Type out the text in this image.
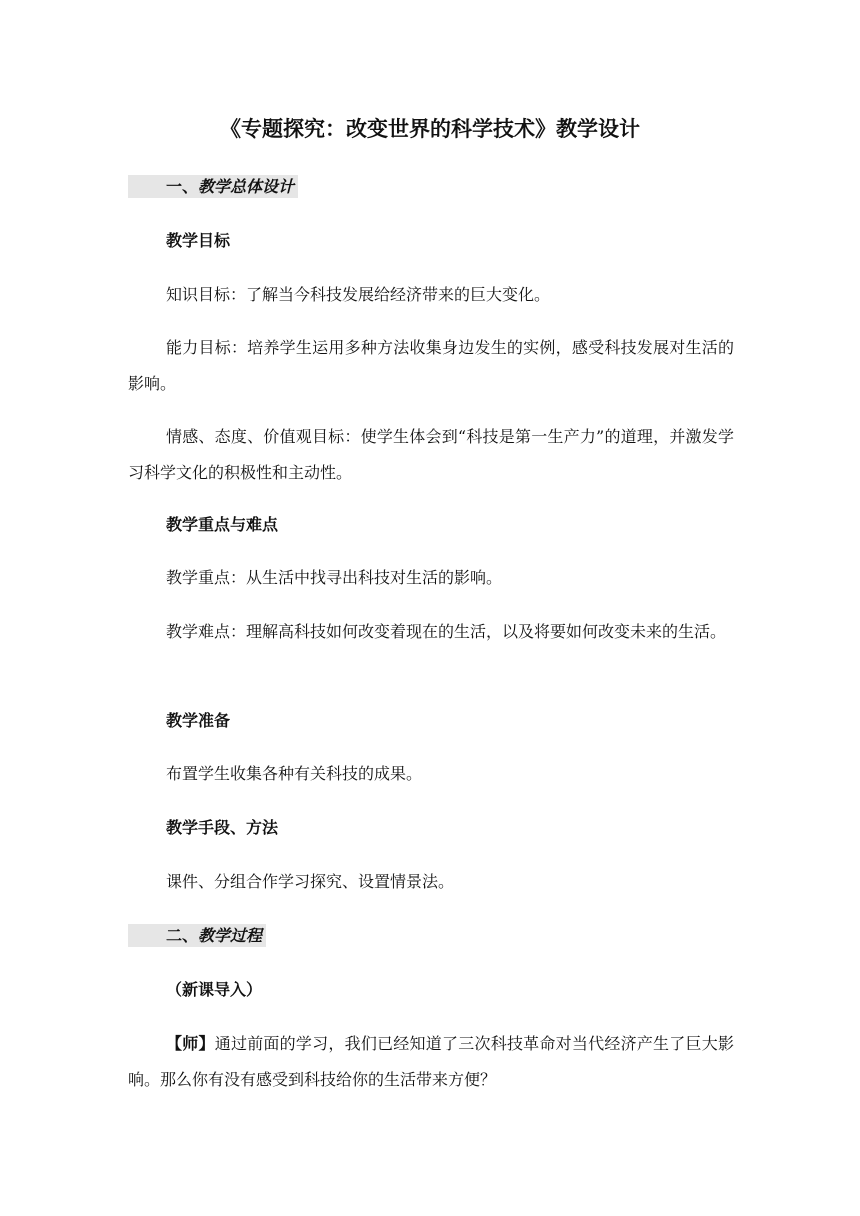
《专题探究：改变世界的科学技术》教学设计
一、教学总体设计
教学目标
知识目标：了解当今科技发展给经济带来的巨大变化。
能力目标：培养学生运用多种方法收集身边发生的实例，感受科技发展对生活的影响。
情感、态度、价值观目标：使学生体会到“科技是第一生产力”的道理，并激发学习科学文化的积极性和主动性。
教学重点与难点
教学重点：从生活中找寻出科技对生活的影响。
教学难点：理解高科技如何改变着现在的生活，以及将要如何改变未来的生活。
教学准备
布置学生收集各种有关科技的成果。
教学手段、方法
课件、分组合作学习探究、设置情景法。
二、教学过程
（新课导入）
【师】通过前面的学习，我们已经知道了三次科技革命对当代经济产生了巨大影响。那么你有没有感受到科技给你的生活带来方便？
